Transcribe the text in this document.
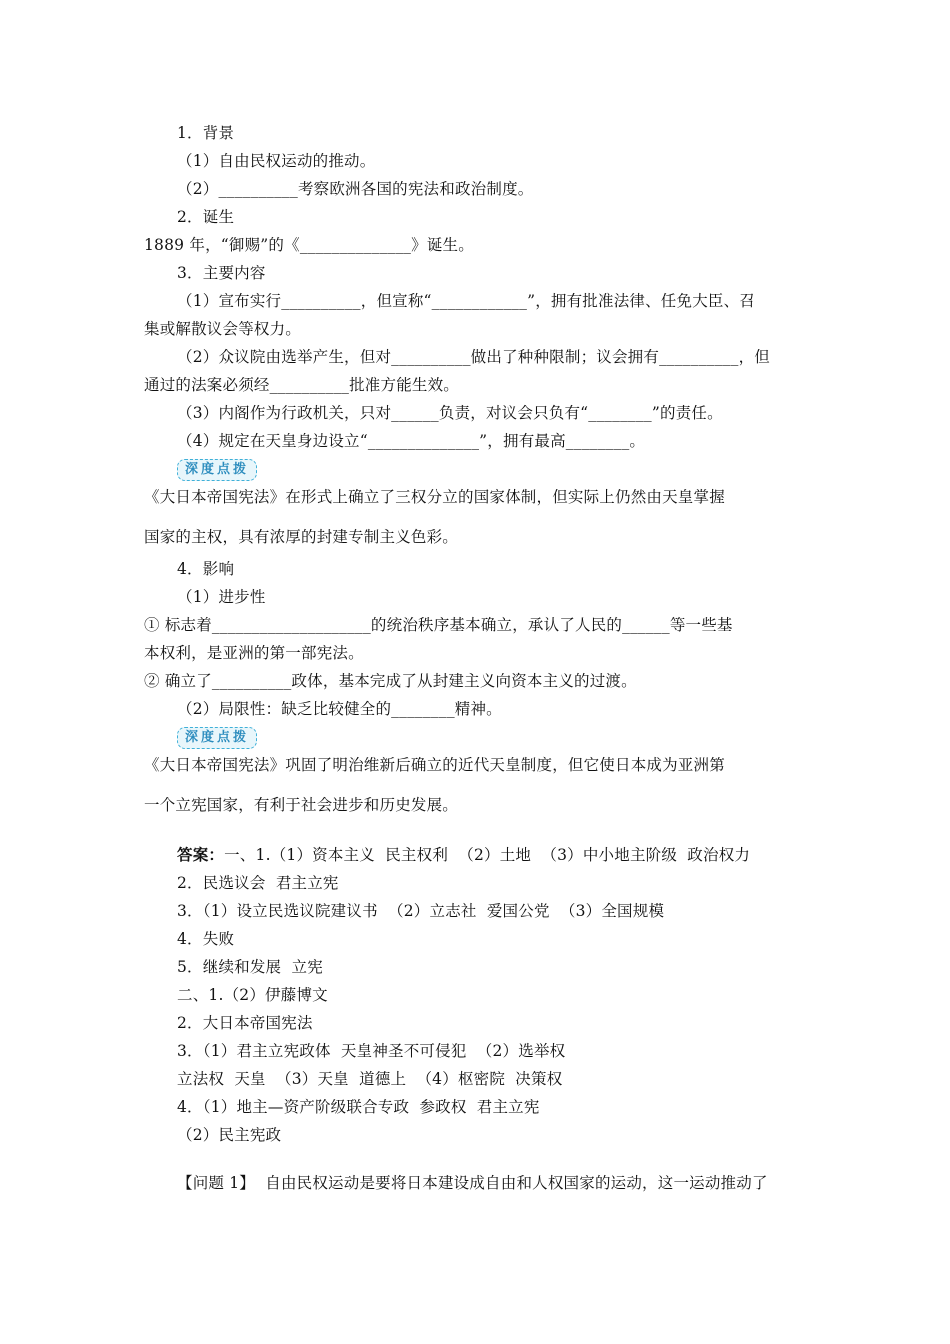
1．背景
（1）自由民权运动的推动。
（2）__________考察欧洲各国的宪法和政治制度。
2．诞生
1889 年，“御赐”的《______________》诞生。
3．主要内容
（1）宣布实行__________，但宣称“____________”，拥有批准法律、任免大臣、召
集或解散议会等权力。
（2）众议院由选举产生，但对__________做出了种种限制；议会拥有__________，但
通过的法案必须经__________批准方能生效。
（3）内阁作为行政机关，只对______负责，对议会只负有“________”的责任。
（4）规定在天皇身边设立“______________”，拥有最高________。
深度点拨
《大日本帝国宪法》在形式上确立了三权分立的国家体制，但实际上仍然由天皇掌握
国家的主权，具有浓厚的封建专制主义色彩。
4．影响
（1）进步性
① 标志着____________________的统治秩序基本确立，承认了人民的______等一些基
本权利，是亚洲的第一部宪法。
② 确立了__________政体，基本完成了从封建主义向资本主义的过渡。
（2）局限性：缺乏比较健全的________精神。
深度点拨
《大日本帝国宪法》巩固了明治维新后确立的近代天皇制度，但它使日本成为亚洲第
一个立宪国家，有利于社会进步和历史发展。
答案：一、1.（1）资本主义  民主权利  （2）土地  （3）中小地主阶级  政治权力
2．民选议会  君主立宪
3．（1）设立民选议院建议书  （2）立志社  爱国公党  （3）全国规模
4．失败
5．继续和发展  立宪
二、1.（2）伊藤博文
2．大日本帝国宪法
3．（1）君主立宪政体  天皇神圣不可侵犯  （2）选举权
立法权  天皇  （3）天皇  道德上  （4）枢密院  决策权
4．（1）地主—资产阶级联合专政  参政权  君主立宪
（2）民主宪政
【问题 1】  自由民权运动是要将日本建设成自由和人权国家的运动，这一运动推动了
